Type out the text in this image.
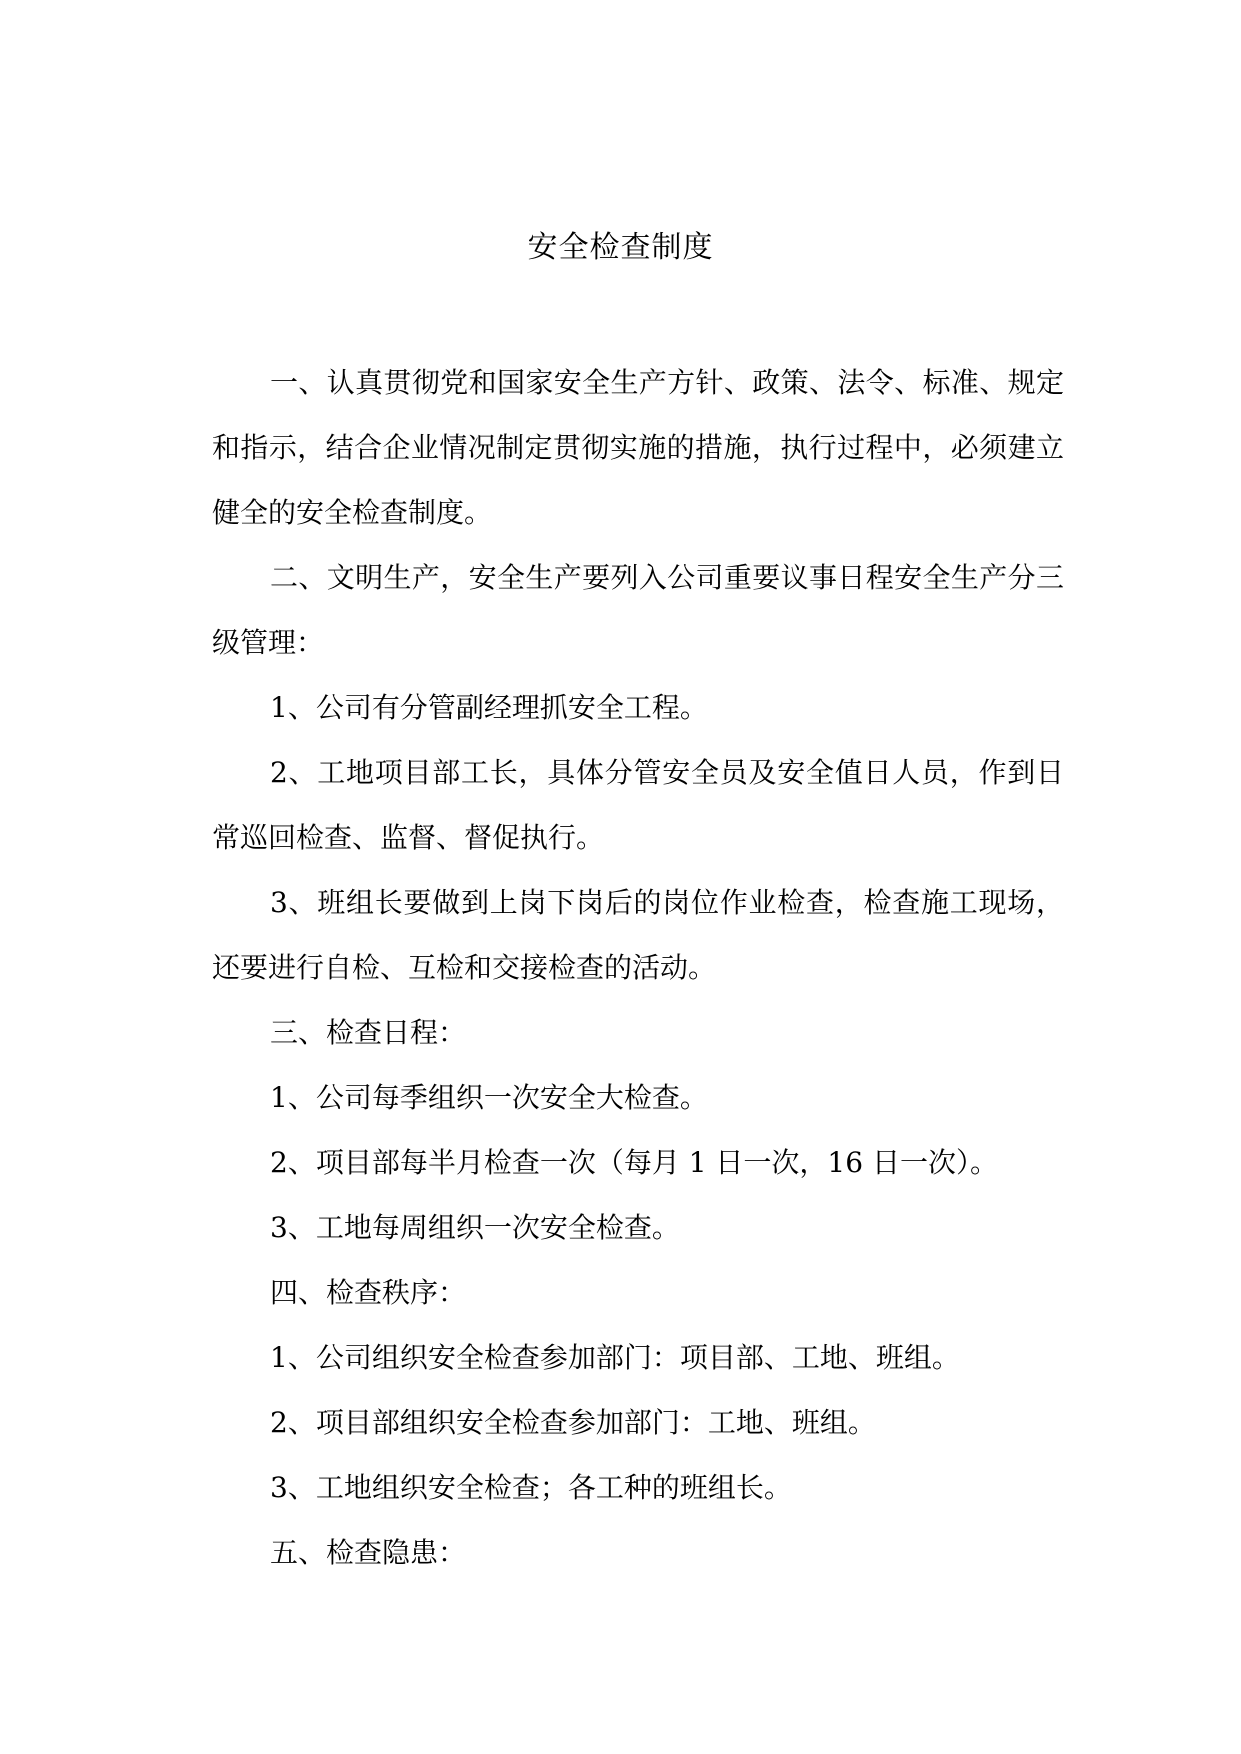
安全检查制度

一、认真贯彻党和国家安全生产方针、政策、法令、标准、规定和指示，结合企业情况制定贯彻实施的措施，执行过程中，必须建立健全的安全检查制度。

二、文明生产，安全生产要列入公司重要议事日程安全生产分三级管理：

1、公司有分管副经理抓安全工程。

2、工地项目部工长，具体分管安全员及安全值日人员，作到日常巡回检查、监督、督促执行。

3、班组长要做到上岗下岗后的岗位作业检查，检查施工现场，还要进行自检、互检和交接检查的活动。

三、检查日程：

1、公司每季组织一次安全大检查。

2、项目部每半月检查一次（每月 1 日一次，16 日一次）。

3、工地每周组织一次安全检查。

四、检查秩序：

1、公司组织安全检查参加部门：项目部、工地、班组。

2、项目部组织安全检查参加部门：工地、班组。

3、工地组织安全检查；各工种的班组长。

五、检查隐患：
